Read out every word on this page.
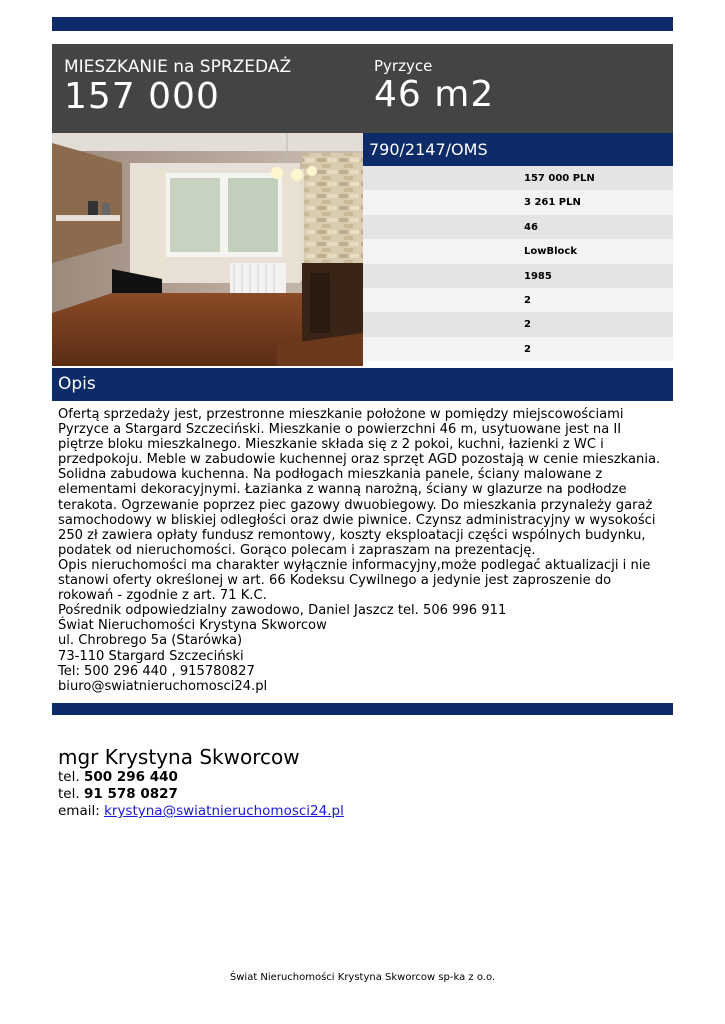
MIESZKANIE na SPRZEDAŻ
157 000
Pyrzyce
46 m2
790/2147/OMS
157 000 PLN
3 261 PLN
46
LowBlock
1985
2
2
2
Opis

Ofertą sprzedaży jest, przestronne mieszkanie położone w pomiędzy miejscowościami Pyrzyce a Stargard Szczeciński. Mieszkanie o powierzchni 46 m, usytuowane jest na II piętrze bloku mieszkalnego. Mieszkanie składa się z 2 pokoi, kuchni, łazienki z WC i przedpokoju. Meble w zabudowie kuchennej oraz sprzęt AGD pozostają w cenie mieszkania. Solidna zabudowa kuchenna. Na podłogach mieszkania panele, ściany malowane z elementami dekoracyjnymi. Łazianka z wanną narożną, ściany w glazurze na podłodze terakota. Ogrzewanie poprzez piec gazowy dwuobiegowy. Do mieszkania przynależy garaż samochodowy w bliskiej odległości oraz dwie piwnice. Czynsz administracyjny w wysokości 250 zł zawiera opłaty fundusz remontowy, koszty eksploatacji części wspólnych budynku, podatek od nieruchomości. Gorąco polecam i zapraszam na prezentację.

Opis nieruchomości ma charakter wyłącznie informacyjny,może podlegać aktualizacji i nie stanowi oferty określonej w art. 66 Kodeksu Cywilnego a jedynie jest zaproszenie do rokowań - zgodnie z art. 71 K.C.

Pośrednik odpowiedzialny zawodowo, Daniel Jaszcz tel. 506 996 911

Świat Nieruchomości Krystyna Skworcow

ul. Chrobrego 5a (Starówka)

73-110 Stargard Szczeciński

Tel: 500 296 440 , 915780827

biuro@swiatnieruchomosci24.pl

mgr Krystyna Skworcow
tel. 500 296 440
tel. 91 578 0827
email: krystyna@swiatnieruchomosci24.pl
Świat Nieruchomości Krystyna Skworcow sp-ka z o.o.
